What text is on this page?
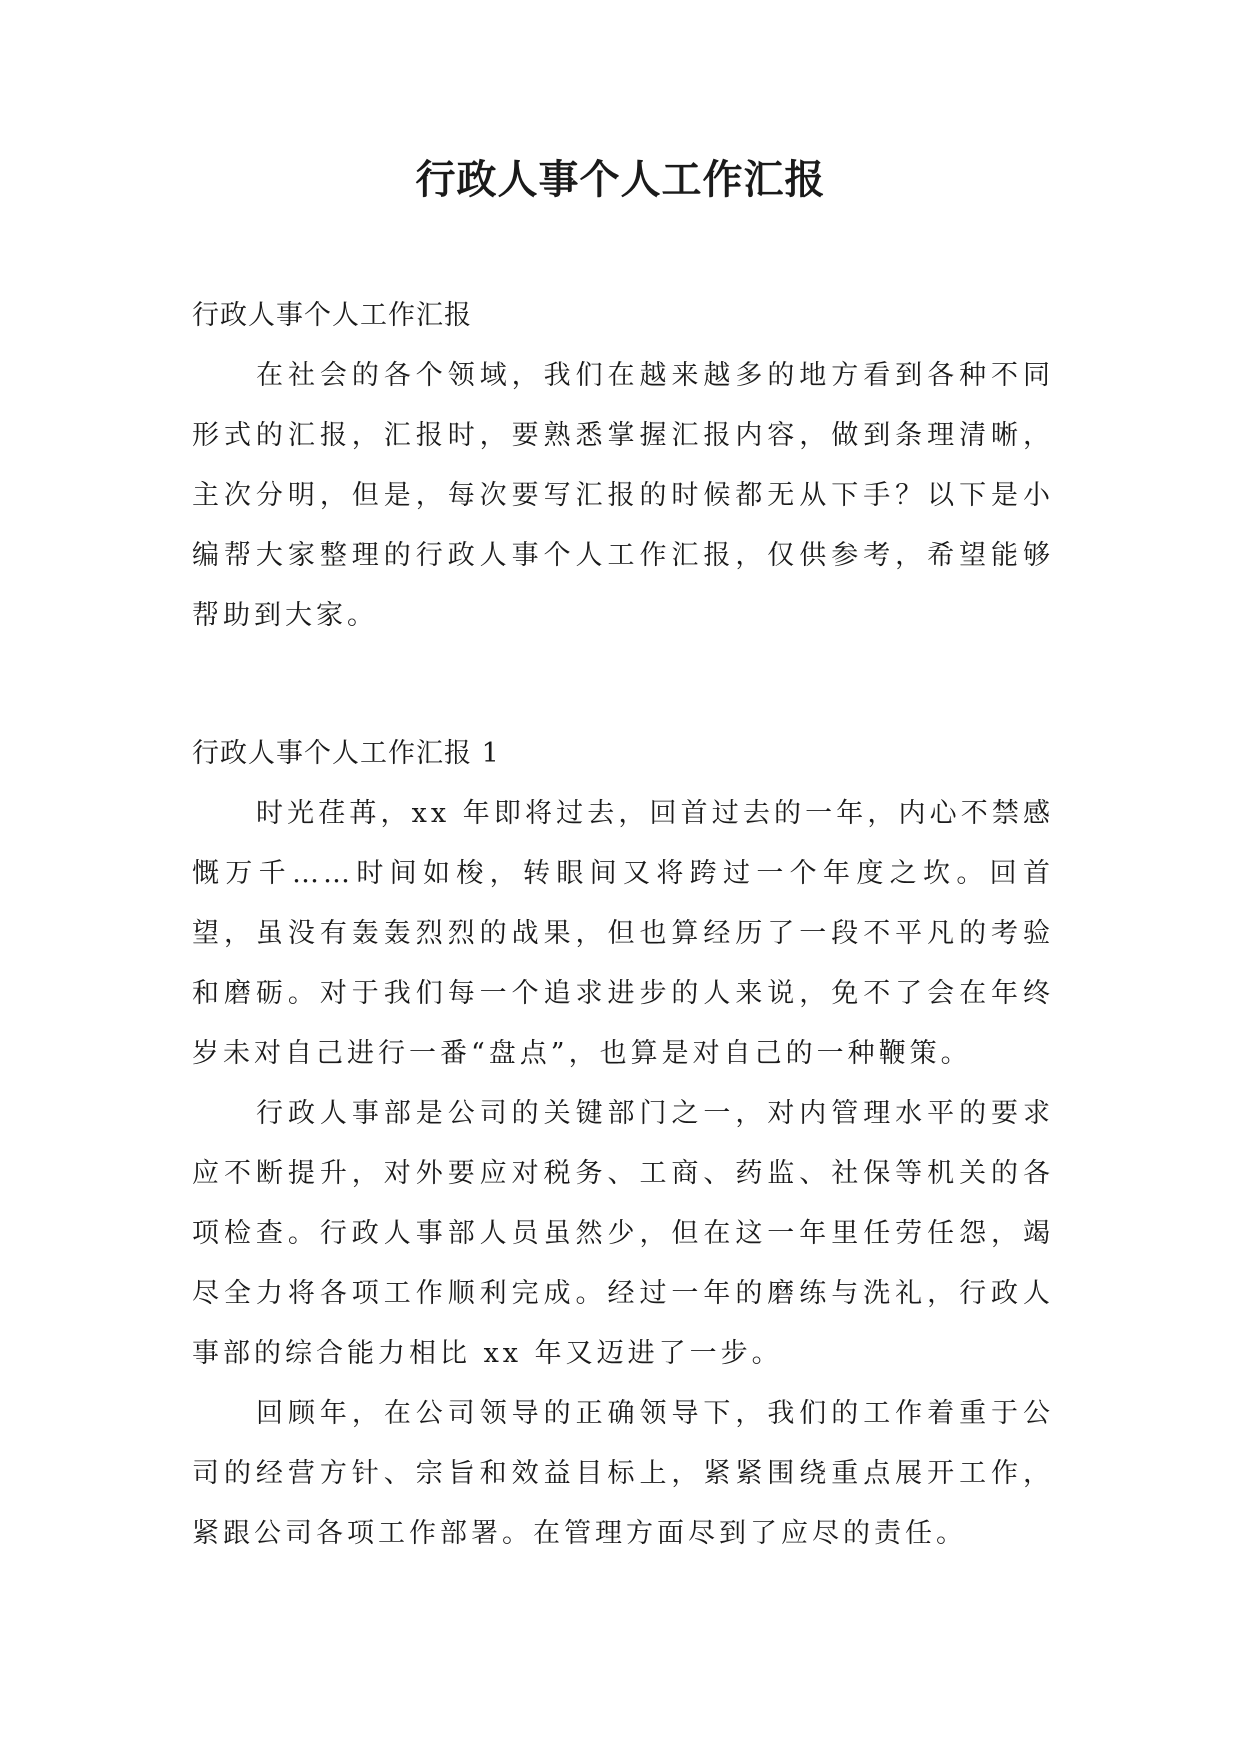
行政人事个人工作汇报

行政人事个人工作汇报

在社会的各个领域，我们在越来越多的地方看到各种不同形式的汇报，汇报时，要熟悉掌握汇报内容，做到条理清晰，主次分明，但是，每次要写汇报的时候都无从下手？以下是小编帮大家整理的行政人事个人工作汇报，仅供参考，希望能够帮助到大家。

行政人事个人工作汇报 1

时光荏苒，xx 年即将过去，回首过去的一年，内心不禁感慨万千……时间如梭，转眼间又将跨过一个年度之坎。回首望，虽没有轰轰烈烈的战果，但也算经历了一段不平凡的考验和磨砺。对于我们每一个追求进步的人来说，免不了会在年终岁未对自己进行一番“盘点”，也算是对自己的一种鞭策。

行政人事部是公司的关键部门之一，对内管理水平的要求应不断提升，对外要应对税务、工商、药监、社保等机关的各项检查。行政人事部人员虽然少，但在这一年里任劳任怨，竭尽全力将各项工作顺利完成。经过一年的磨练与洗礼，行政人事部的综合能力相比 xx 年又迈进了一步。

回顾年，在公司领导的正确领导下，我们的工作着重于公司的经营方针、宗旨和效益目标上，紧紧围绕重点展开工作，紧跟公司各项工作部署。在管理方面尽到了应尽的责任。
